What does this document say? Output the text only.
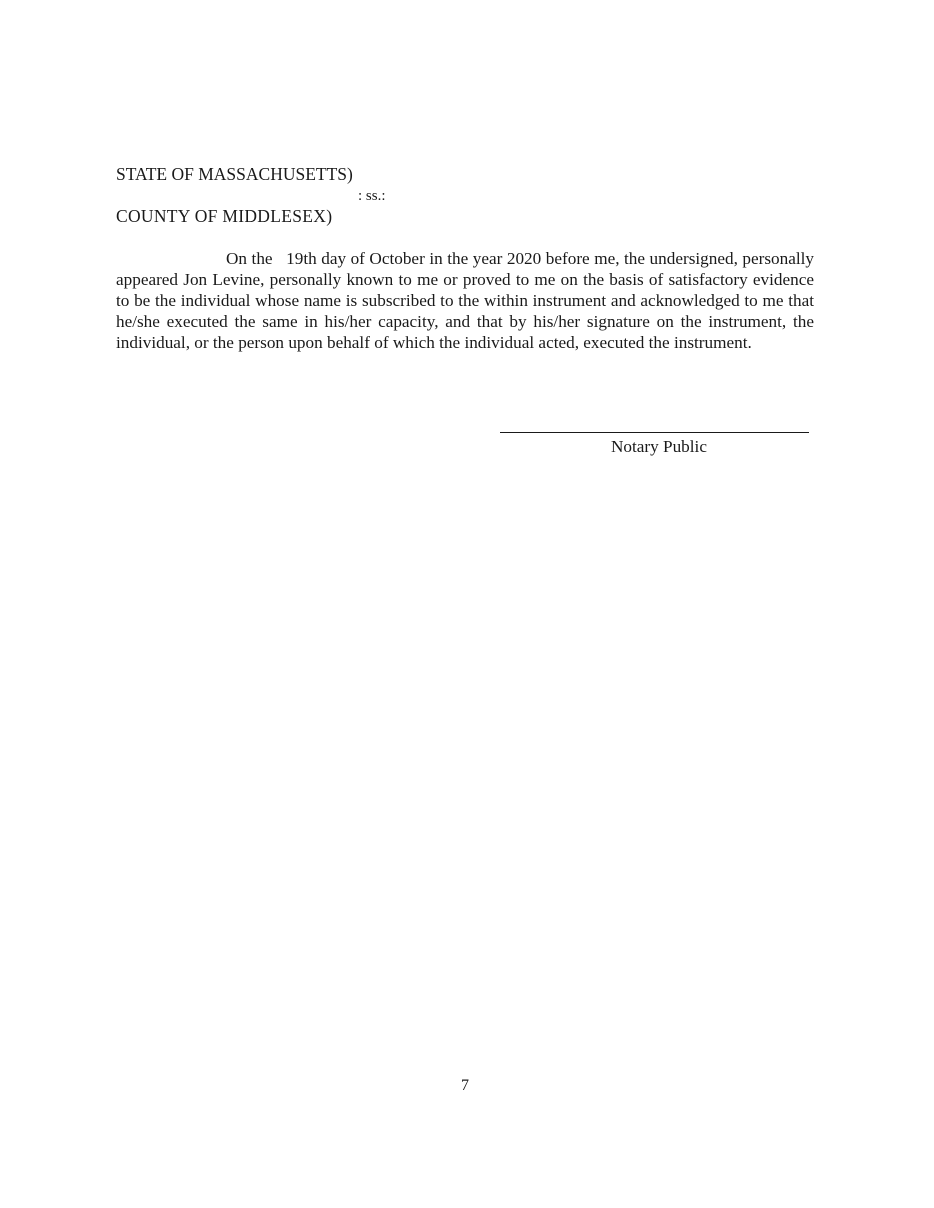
STATE OF MASSACHUSETTS)
: ss.:
COUNTY OF MIDDLESEX)

On the   19th day of October in the year 2020 before me, the undersigned, personally appeared Jon Levine, personally known to me or proved to me on the basis of satisfactory evidence to be the individual whose name is subscribed to the within instrument and acknowledged to me that he/she executed the same in his/her capacity, and that by his/her signature on the instrument, the individual, or the person upon behalf of which the individual acted, executed the instrument.

Notary Public
7
